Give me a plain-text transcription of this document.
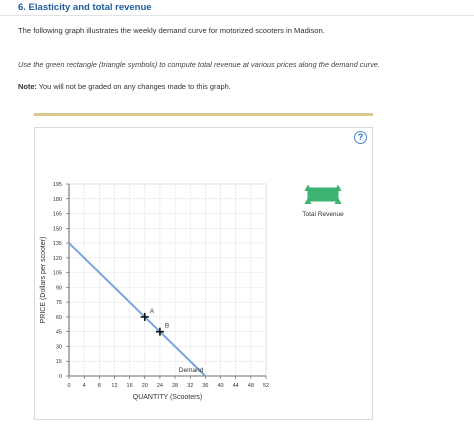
6. Elasticity and total revenue
The following graph illustrates the weekly demand curve for motorized scooters in Madison.
Use the green rectangle (triangle symbols) to compute total revenue at various prices along the demand curve.
Note: You will not be graded on any changes made to this graph.
?
0
15
30
45
60
75
90
105
120
135
150
165
180
195
0 4 8 12 16 20 24 28 32 36 40 44 48 52
PRICE (Dollars per scooter)
QUANTITY (Scooters)
Demand
A
B
Total Revenue
